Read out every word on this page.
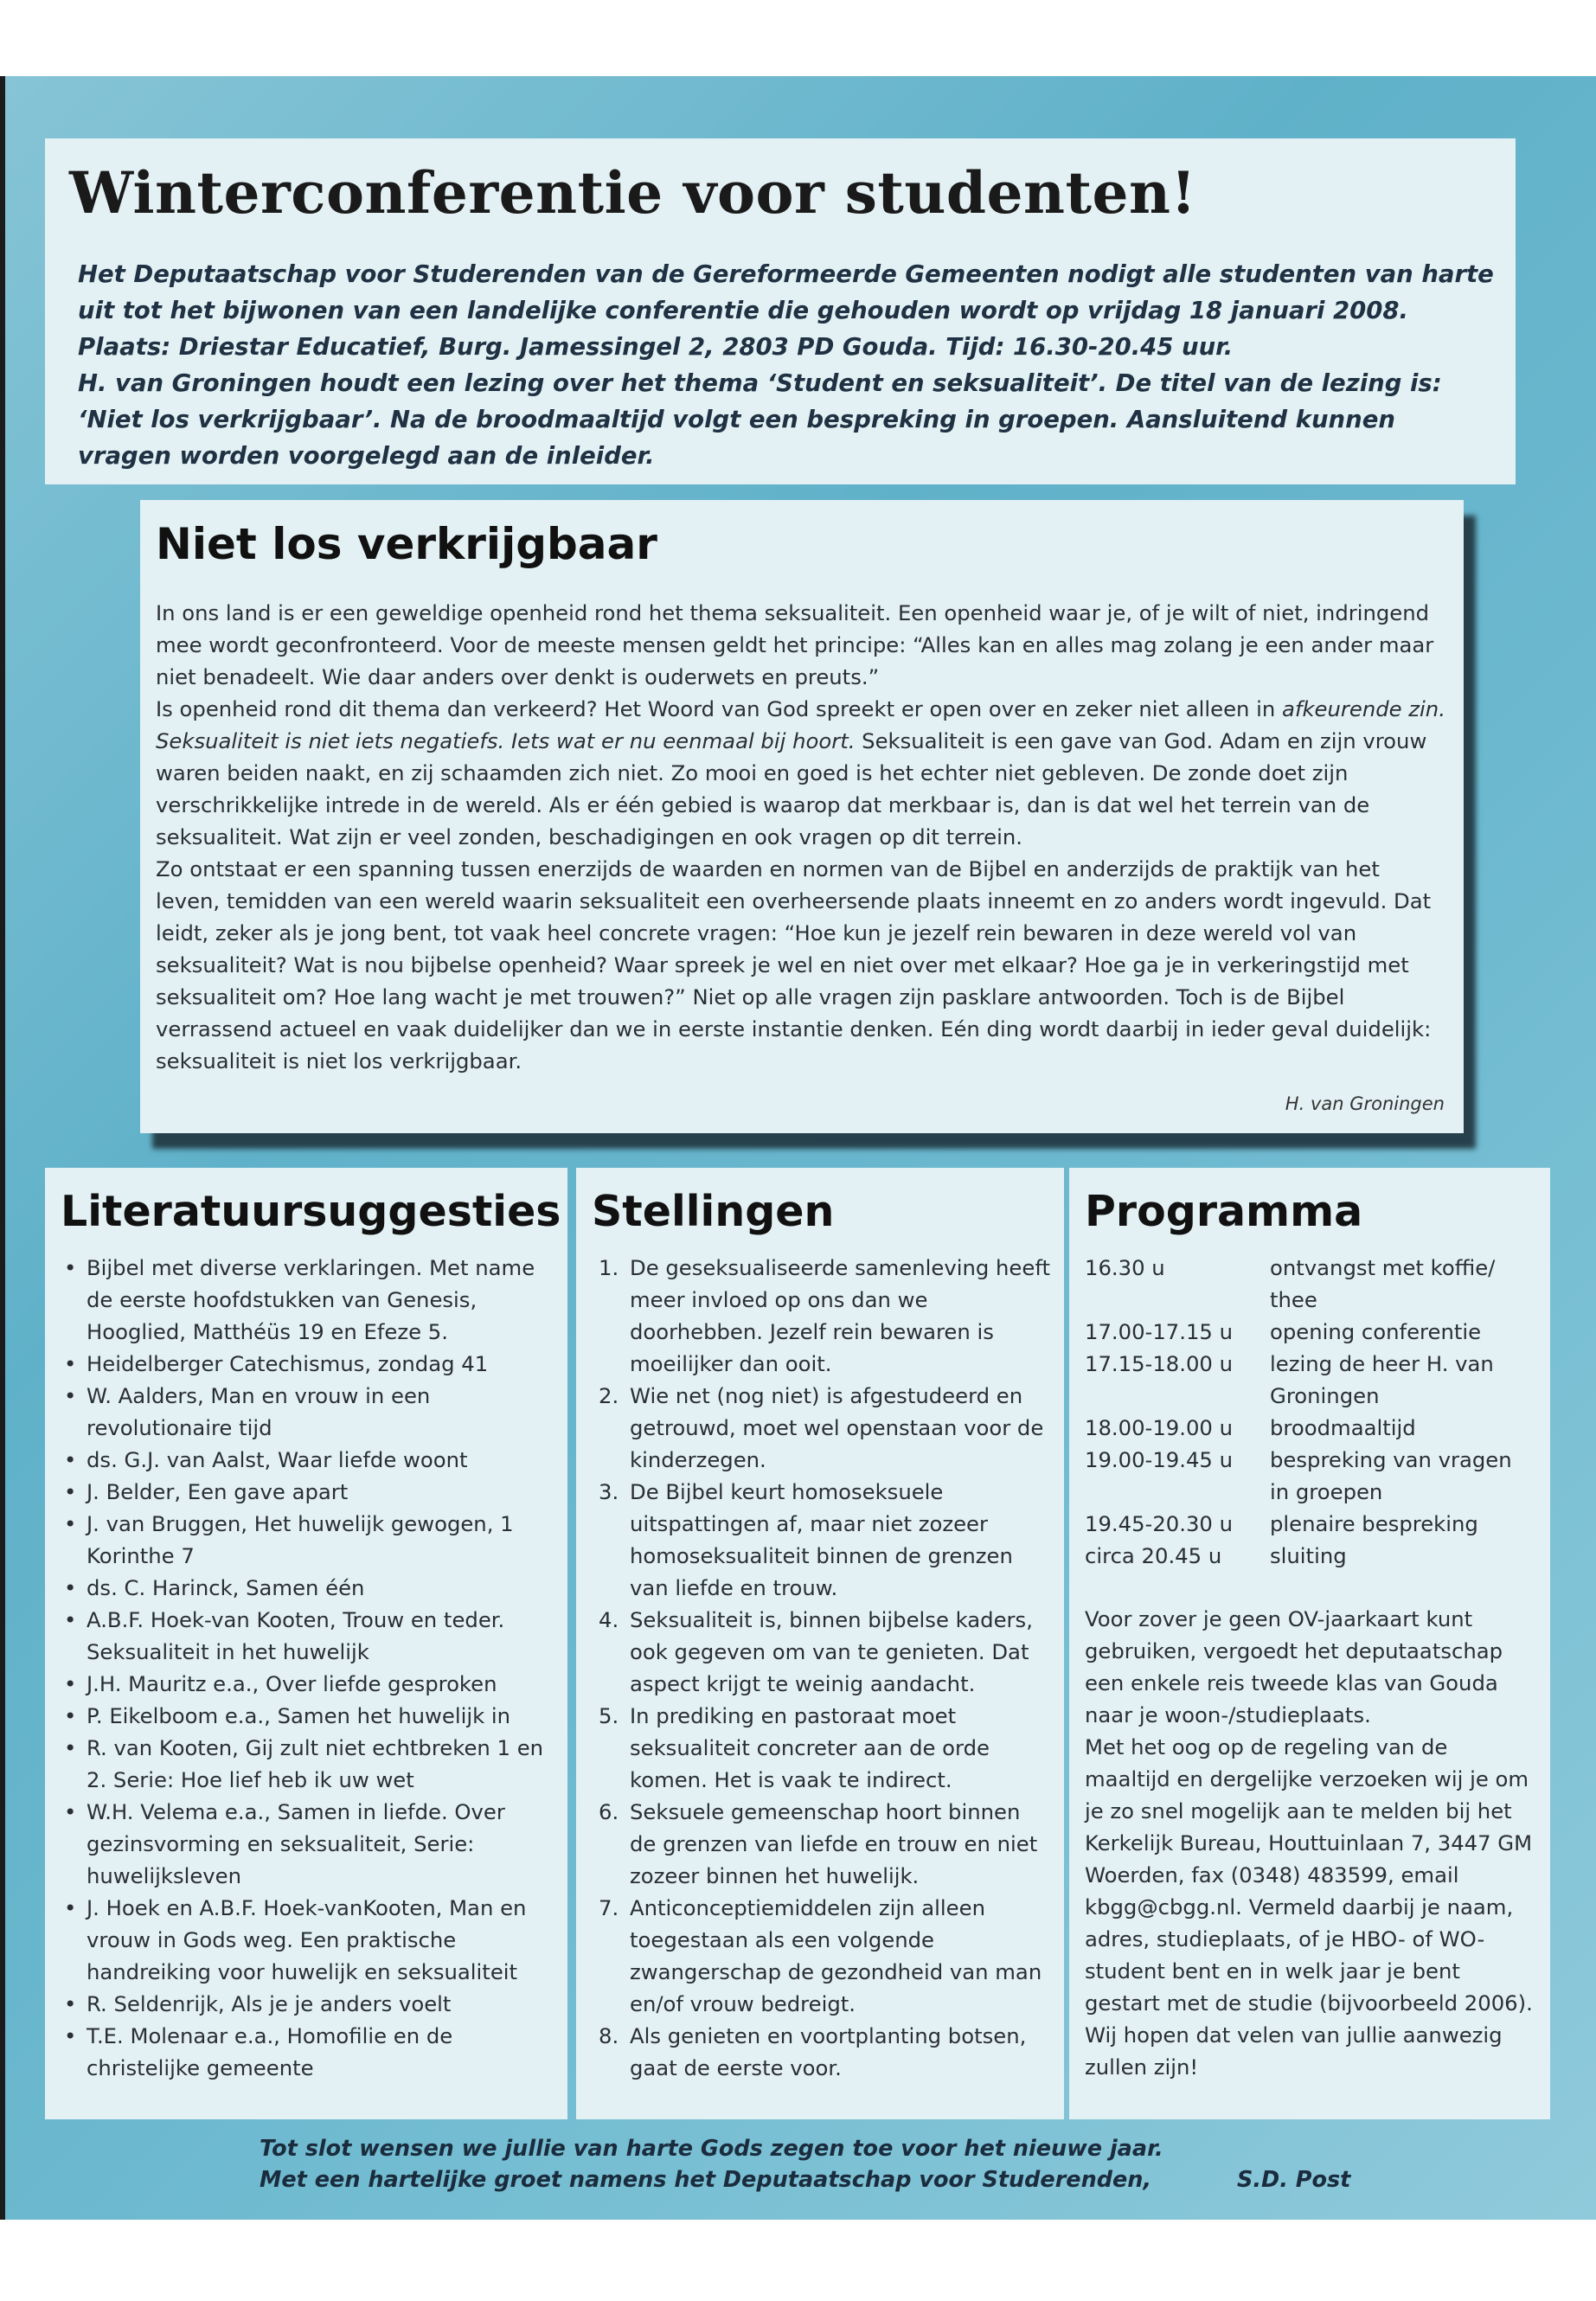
Winterconferentie voor studenten!

Het Deputaatschap voor Studerenden van de Gereformeerde Gemeenten nodigt alle studenten van harte uit tot het bijwonen van een landelijke conferentie die gehouden wordt op vrijdag 18 januari 2008.

Plaats: Driestar Educatief, Burg. Jamessingel 2, 2803 PD Gouda. Tijd: 16.30-20.45 uur.

H. van Groningen houdt een lezing over het thema ‘Student en seksualiteit’. De titel van de lezing is: ‘Niet los verkrijgbaar’. Na de broodmaaltijd volgt een bespreking in groepen. Aansluitend kunnen vragen worden voorgelegd aan de inleider.

Niet los verkrijgbaar

In ons land is er een geweldige openheid rond het thema seksualiteit. Een openheid waar je, of je wilt of niet, indringend mee wordt geconfronteerd. Voor de meeste mensen geldt het principe: “Alles kan en alles mag zolang je een ander maar niet benadeelt. Wie daar anders over denkt is ouderwets en preuts.”

Is openheid rond dit thema dan verkeerd? Het Woord van God spreekt er open over en zeker niet alleen in afkeurende zin. Seksualiteit is niet iets negatiefs. Iets wat er nu eenmaal bij hoort. Seksualiteit is een gave van God. Adam en zijn vrouw waren beiden naakt, en zij schaamden zich niet. Zo mooi en goed is het echter niet gebleven. De zonde doet zijn verschrikkelijke intrede in de wereld. Als er één gebied is waarop dat merkbaar is, dan is dat wel het terrein van de seksualiteit. Wat zijn er veel zonden, beschadigingen en ook vragen op dit terrein.

Zo ontstaat er een spanning tussen enerzijds de waarden en normen van de Bijbel en anderzijds de praktijk van het leven, temidden van een wereld waarin seksualiteit een overheersende plaats inneemt en zo anders wordt ingevuld. Dat leidt, zeker als je jong bent, tot vaak heel concrete vragen: “Hoe kun je jezelf rein bewaren in deze wereld vol van seksualiteit? Wat is nou bijbelse openheid? Waar spreek je wel en niet over met elkaar? Hoe ga je in verkeringstijd met seksualiteit om? Hoe lang wacht je met trouwen?” Niet op alle vragen zijn pasklare antwoorden. Toch is de Bijbel verrassend actueel en vaak duidelijker dan we in eerste instantie denken. Eén ding wordt daarbij in ieder geval duidelijk: seksualiteit is niet los verkrijgbaar.

H. van Groningen
Literatuursuggesties
• Bijbel met diverse verklaringen. Met name de eerste hoofdstukken van Genesis, Hooglied, Matthéüs 19 en Efeze 5.
• Heidelberger Catechismus, zondag 41
• W. Aalders, Man en vrouw in een revolutionaire tijd
• ds. G.J. van Aalst, Waar liefde woont
• J. Belder, Een gave apart
• J. van Bruggen, Het huwelijk gewogen, 1 Korinthe 7
• ds. C. Harinck, Samen één
• A.B.F. Hoek-van Kooten, Trouw en teder. Seksualiteit in het huwelijk
• J.H. Mauritz e.a., Over liefde gesproken
• P. Eikelboom e.a., Samen het huwelijk in
• R. van Kooten, Gij zult niet echtbreken 1 en 2. Serie: Hoe lief heb ik uw wet
• W.H. Velema e.a., Samen in liefde. Over gezinsvorming en seksualiteit, Serie: huwelijksleven
• J. Hoek en A.B.F. Hoek-vanKooten, Man en vrouw in Gods weg. Een praktische handreiking voor huwelijk en seksualiteit
• R. Seldenrijk, Als je je anders voelt
• T.E. Molenaar e.a., Homofilie en de christelijke gemeente
Stellingen
1. De geseksualiseerde samenleving heeft meer invloed op ons dan we doorhebben. Jezelf rein bewaren is moeilijker dan ooit.
2. Wie net (nog niet) is afgestudeerd en getrouwd, moet wel openstaan voor de kinderzegen.
3. De Bijbel keurt homoseksuele uitspattingen af, maar niet zozeer homoseksualiteit binnen de grenzen van liefde en trouw.
4. Seksualiteit is, binnen bijbelse kaders, ook gegeven om van te genieten. Dat aspect krijgt te weinig aandacht.
5. In prediking en pastoraat moet seksualiteit concreter aan de orde komen. Het is vaak te indirect.
6. Seksuele gemeenschap hoort binnen de grenzen van liefde en trouw en niet zozeer binnen het huwelijk.
7. Anticonceptiemiddelen zijn alleen toegestaan als een volgende zwangerschap de gezondheid van man en/of vrouw bedreigt.
8. Als genieten en voortplanting botsen, gaat de eerste voor.
Programma
16.30 u	ontvangst met koffie/ thee
17.00-17.15 u	opening conferentie
17.15-18.00 u	lezing de heer H. van Groningen
18.00-19.00 u	broodmaaltijd
19.00-19.45 u	bespreking van vragen in groepen
19.45-20.30 u	plenaire bespreking
circa 20.45 u	sluiting

Voor zover je geen OV-jaarkaart kunt gebruiken, vergoedt het deputaatschap een enkele reis tweede klas van Gouda naar je woon-/studieplaats.

Met het oog op de regeling van de maaltijd en dergelijke verzoeken wij je om je zo snel mogelijk aan te melden bij het Kerkelijk Bureau, Houttuinlaan 7, 3447 GM Woerden, fax (0348) 483599, email kbgg@cbgg.nl. Vermeld daarbij je naam, adres, studieplaats, of je HBO- of WO-student bent en in welk jaar je bent gestart met de studie (bijvoorbeeld 2006).

Wij hopen dat velen van jullie aanwezig zullen zijn!

Tot slot wensen we jullie van harte Gods zegen toe voor het nieuwe jaar.
Met een hartelijke groet namens het Deputaatschap voor Studerenden,	S.D. Post
